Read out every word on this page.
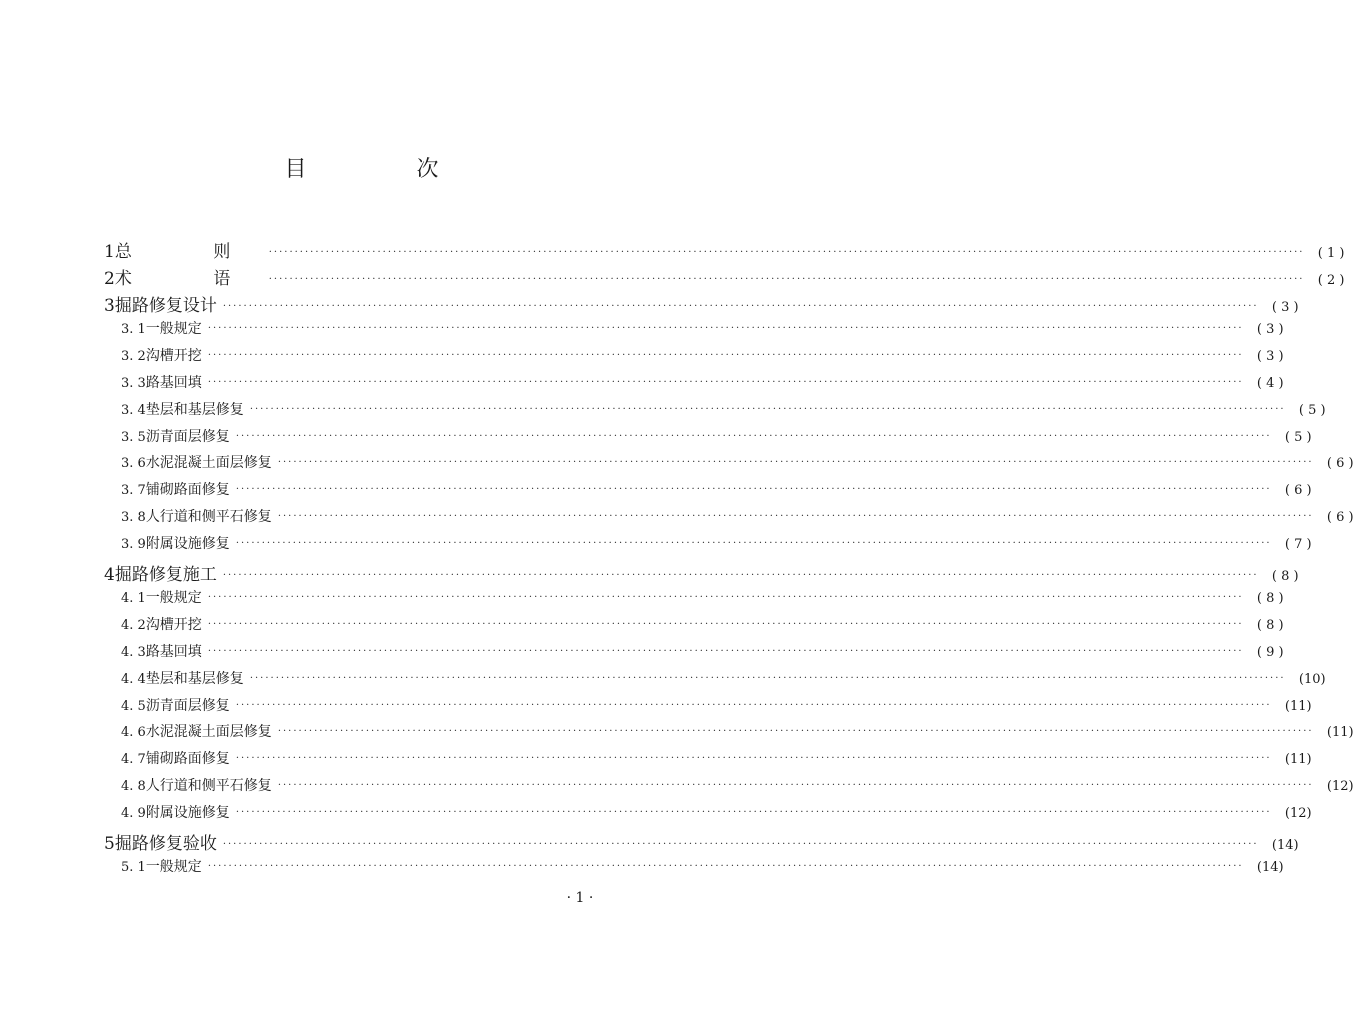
目　次
1 总　则 ········································································································································································································	( 1 )
2 术　语 ········································································································································································································	( 2 )
3 掘路修复设计 ········································································································································································································	( 3 )
3. 1 一般规定 ········································································································································································································	( 3 )
3. 2 沟槽开挖 ········································································································································································································	( 3 )
3. 3 路基回填 ········································································································································································································	( 4 )
3. 4 垫层和基层修复 ········································································································································································································	( 5 )
3. 5 沥青面层修复 ········································································································································································································	( 5 )
3. 6 水泥混凝土面层修复 ········································································································································································································	( 6 )
3. 7 铺砌路面修复 ········································································································································································································	( 6 )
3. 8 人行道和侧平石修复 ········································································································································································································	( 6 )
3. 9 附属设施修复 ········································································································································································································	( 7 )
4 掘路修复施工 ········································································································································································································	( 8 )
4. 1 一般规定 ········································································································································································································	( 8 )
4. 2 沟槽开挖 ········································································································································································································	( 8 )
4. 3 路基回填 ········································································································································································································	( 9 )
4. 4 垫层和基层修复 ········································································································································································································	(10)
4. 5 沥青面层修复 ········································································································································································································	(11)
4. 6 水泥混凝土面层修复 ········································································································································································································	(11)
4. 7 铺砌路面修复 ········································································································································································································	(11)
4. 8 人行道和侧平石修复 ········································································································································································································	(12)
4. 9 附属设施修复 ········································································································································································································	(12)
5 掘路修复验收 ········································································································································································································	(14)
5. 1 一般规定 ········································································································································································································	(14)
· 1 ·
